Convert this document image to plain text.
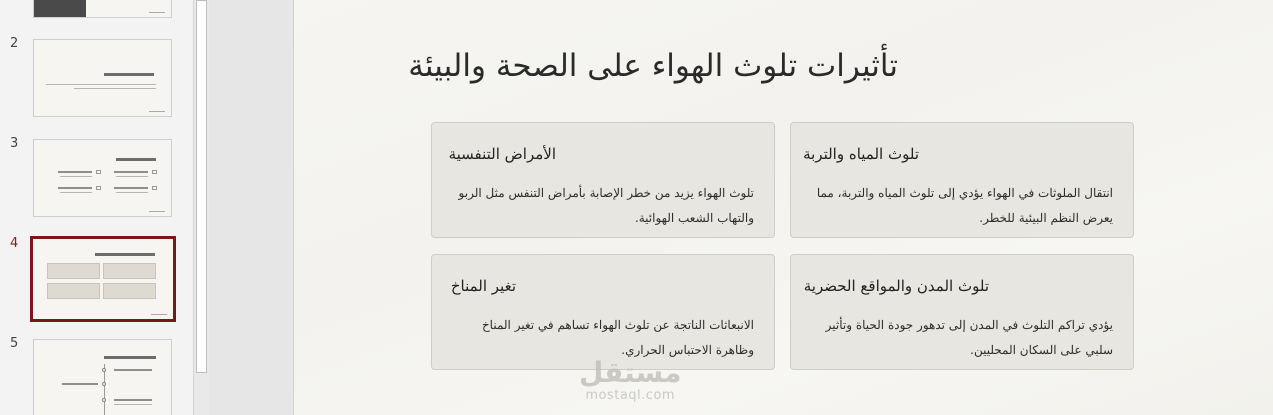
2
3
4
5
تأثيرات تلوث الهواء على الصحة والبيئة
تلوث المياه والتربة
انتقال الملوثات في الهواء يؤدي إلى تلوث المياه والتربة، مما يعرض النظم البيئية للخطر.
الأمراض التنفسية
تلوث الهواء يزيد من خطر الإصابة بأمراض التنفس مثل الربو والتهاب الشعب الهوائية.
تلوث المدن والمواقع الحضرية
يؤدي تراكم التلوث في المدن إلى تدهور جودة الحياة وتأثير سلبي على السكان المحليين.
تغير المناخ
الانبعاثات الناتجة عن تلوث الهواء تساهم في تغير المناخ وظاهرة الاحتباس الحراري.
مستقل
mostaql.com
